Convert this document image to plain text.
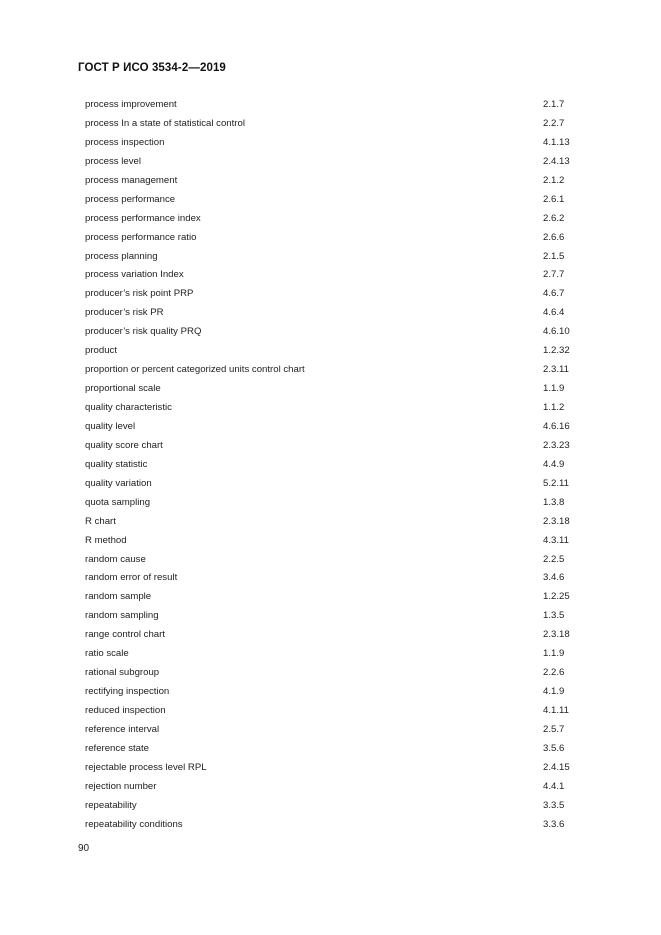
ГОСТ Р ИСО 3534-2—2019
process improvement	2.1.7
process In a state of statistical control	2.2.7
process inspection	4.1.13
process level	2.4.13
process management	2.1.2
process performance	2.6.1
process performance index	2.6.2
process performance ratio	2.6.6
process planning	2.1.5
process variation Index	2.7.7
producer’s risk point PRP	4.6.7
producer’s risk PR	4.6.4
producer’s risk quality PRQ	4.6.10
product	1.2.32
proportion or percent categorized units control chart	2.3.11
proportional scale	1.1.9
quality characteristic	1.1.2
quality level	4.6.16
quality score chart	2.3.23
quality statistic	4.4.9
quality variation	5.2.11
quota sampling	1.3.8
R chart	2.3.18
R method	4.3.11
random cause	2.2.5
random error of result	3.4.6
random sample	1.2.25
random sampling	1.3.5
range control chart	2.3.18
ratio scale	1.1.9
rational subgroup	2.2.6
rectifying inspection	4.1.9
reduced inspection	4.1.11
reference interval	2.5.7
reference state	3.5.6
rejectable process level RPL	2.4.15
rejection number	4.4.1
repeatability	3.3.5
repeatability conditions	3.3.6
90
